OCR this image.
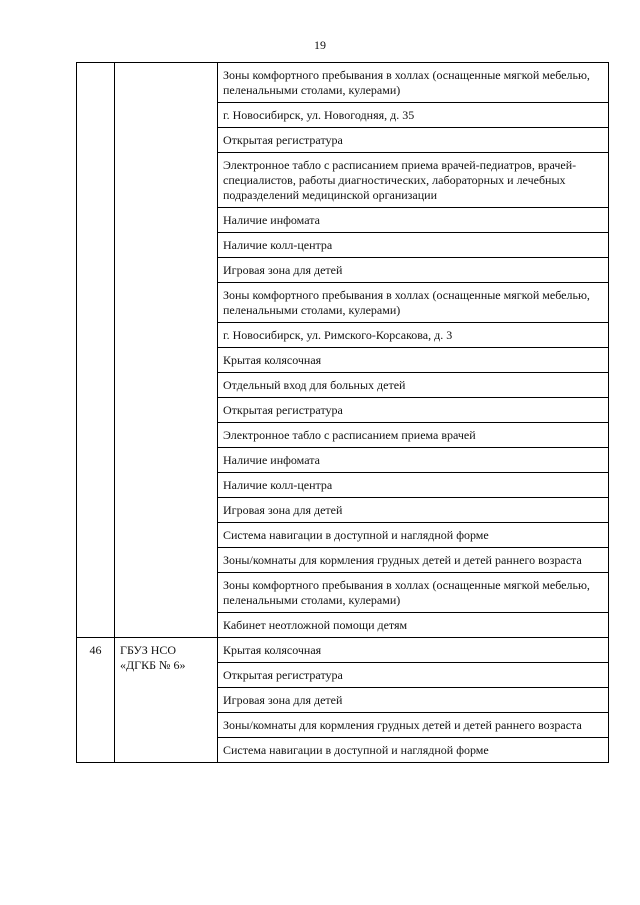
19
		Зоны комфортного пребывания в холлах (оснащенные мягкой мебелью, пеленальными столами, кулерами)
		г. Новосибирск, ул. Новогодняя, д. 35
		Открытая регистратура
		Электронное табло с расписанием приема врачей-педиатров, врачей-специалистов, работы диагностических, лабораторных и лечебных подразделений медицинской организации
		Наличие инфомата
		Наличие колл-центра
		Игровая зона для детей
		Зоны комфортного пребывания в холлах (оснащенные мягкой мебелью, пеленальными столами, кулерами)
		г. Новосибирск, ул. Римского-Корсакова, д. 3
		Крытая колясочная
		Отдельный вход для больных детей
		Открытая регистратура
		Электронное табло с расписанием приема врачей
		Наличие инфомата
		Наличие колл-центра
		Игровая зона для детей
		Система навигации в доступной и наглядной форме
		Зоны/комнаты для кормления грудных детей и детей раннего возраста
		Зоны комфортного пребывания в холлах (оснащенные мягкой мебелью, пеленальными столами, кулерами)
		Кабинет неотложной помощи детям
46	ГБУЗ НСО «ДГКБ № 6»	Крытая колясочная
		Открытая регистратура
		Игровая зона для детей
		Зоны/комнаты для кормления грудных детей и детей раннего возраста
		Система навигации в доступной и наглядной форме
